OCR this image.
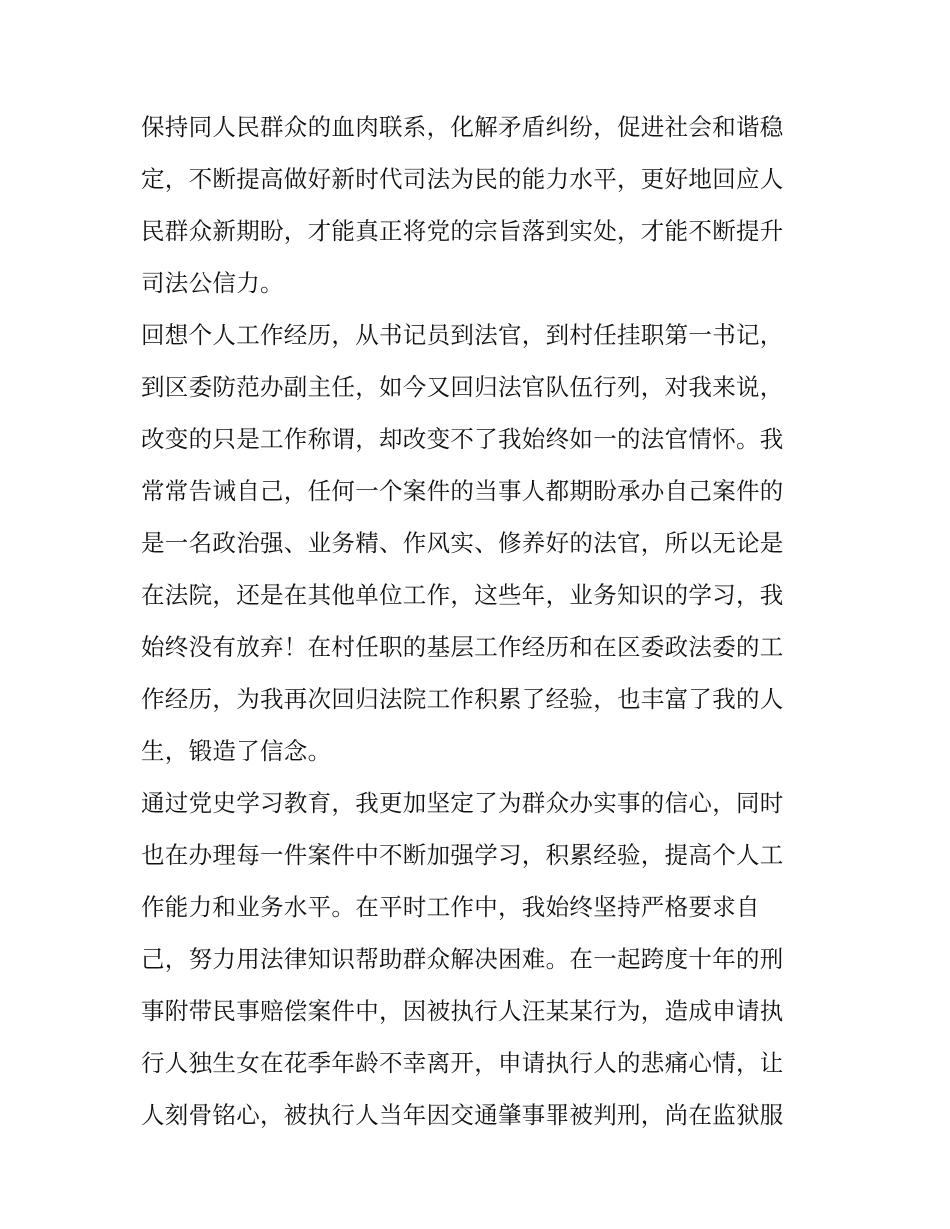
保持同人民群众的血肉联系，化解矛盾纠纷，促进社会和谐稳
定，不断提高做好新时代司法为民的能力水平，更好地回应人
民群众新期盼，才能真正将党的宗旨落到实处，才能不断提升
司法公信力。
回想个人工作经历，从书记员到法官，到村任挂职第一书记，
到区委防范办副主任，如今又回归法官队伍行列，对我来说，
改变的只是工作称谓，却改变不了我始终如一的法官情怀。我
常常告诫自己，任何一个案件的当事人都期盼承办自己案件的
是一名政治强、业务精、作风实、修养好的法官，所以无论是
在法院，还是在其他单位工作，这些年，业务知识的学习，我
始终没有放弃！在村任职的基层工作经历和在区委政法委的工
作经历，为我再次回归法院工作积累了经验，也丰富了我的人
生，锻造了信念。
通过党史学习教育，我更加坚定了为群众办实事的信心，同时
也在办理每一件案件中不断加强学习，积累经验，提高个人工
作能力和业务水平。在平时工作中，我始终坚持严格要求自
己，努力用法律知识帮助群众解决困难。在一起跨度十年的刑
事附带民事赔偿案件中，因被执行人汪某某行为，造成申请执
行人独生女在花季年龄不幸离开，申请执行人的悲痛心情，让
人刻骨铭心，被执行人当年因交通肇事罪被判刑，尚在监狱服
